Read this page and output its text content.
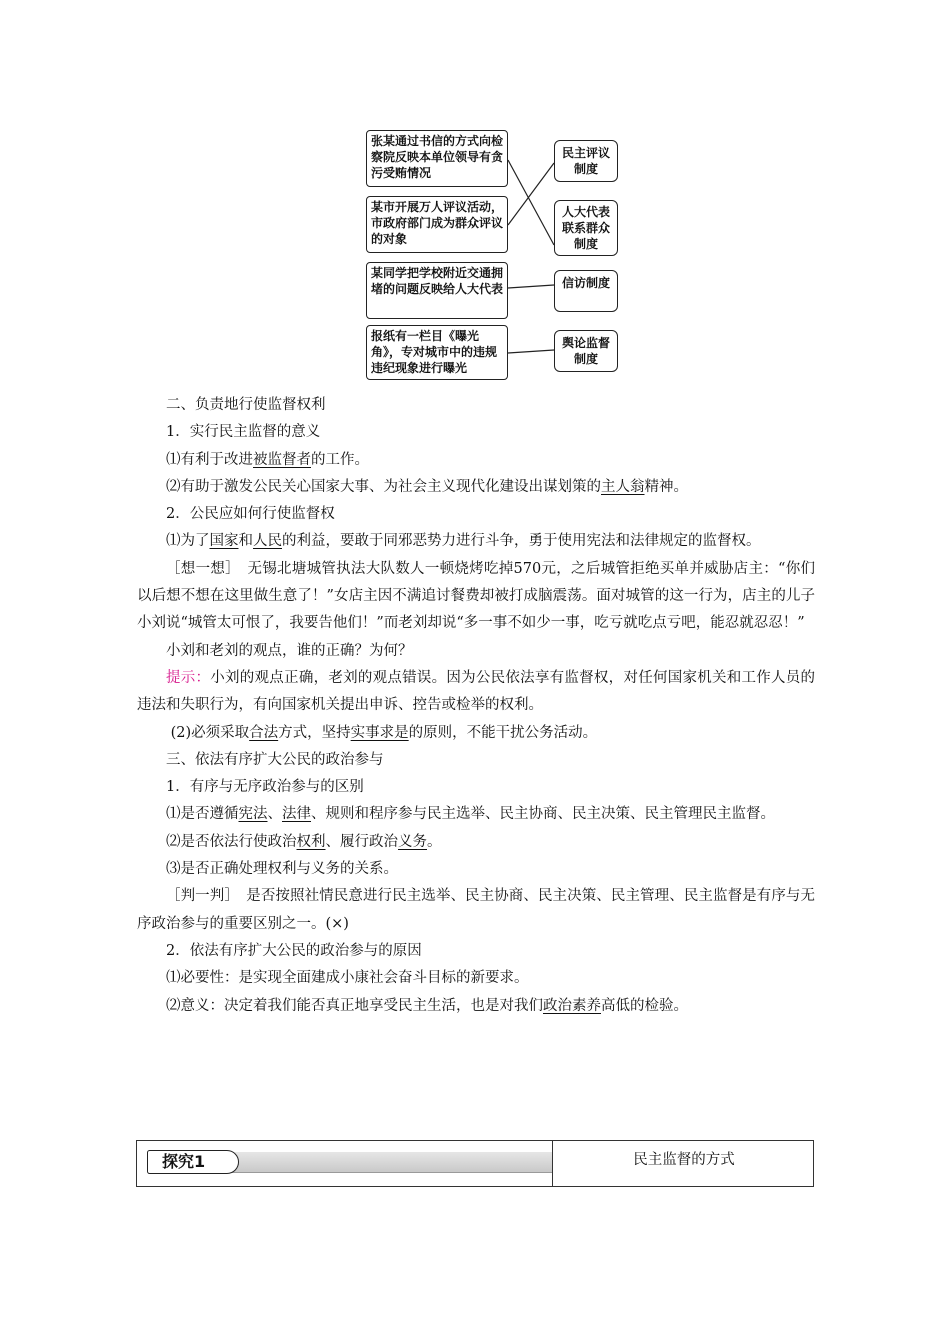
张某通过书信的方式向检察院反映本单位领导有贪污受贿情况
某市开展万人评议活动，市政府部门成为群众评议的对象
某同学把学校附近交通拥堵的问题反映给人大代表
报纸有一栏目《曝光角》，专对城市中的违规违纪现象进行曝光
民主评议制度
人大代表联系群众制度
信访制度
舆论监督制度

二、负责地行使监督权利

1．实行民主监督的意义

⑴有利于改进被监督者的工作。

⑵有助于激发公民关心国家大事、为社会主义现代化建设出谋划策的主人翁精神。

2．公民应如何行使监督权

⑴为了国家和人民的利益，要敢于同邪恶势力进行斗争，勇于使用宪法和法律规定的监督权。

［想一想］　无锡北塘城管执法大队数人一顿烧烤吃掉570元，之后城管拒绝买单并威胁店主：“你们以后想不想在这里做生意了！”女店主因不满追讨餐费却被打成脑震荡。面对城管的这一行为，店主的儿子小刘说“城管太可恨了，我要告他们！”而老刘却说“多一事不如少一事，吃亏就吃点亏吧，能忍就忍忍！”

小刘和老刘的观点，谁的正确？为何？

提示：小刘的观点正确，老刘的观点错误。因为公民依法享有监督权，对任何国家机关和工作人员的违法和失职行为，有向国家机关提出申诉、控告或检举的权利。

(2)必须采取合法方式，坚持实事求是的原则，不能干扰公务活动。

三、依法有序扩大公民的政治参与

1．有序与无序政治参与的区别

⑴是否遵循宪法、法律、规则和程序参与民主选举、民主协商、民主决策、民主管理民主监督。

⑵是否依法行使政治权利、履行政治义务。

⑶是否正确处理权利与义务的关系。

［判一判］　是否按照社情民意进行民主选举、民主协商、民主决策、民主管理、民主监督是有序与无序政治参与的重要区别之一。(×)

2．依法有序扩大公民的政治参与的原因

⑴必要性：是实现全面建成小康社会奋斗目标的新要求。

⑵意义：决定着我们能否真正地享受民主生活，也是对我们政治素养高低的检验。

探究1	民主监督的方式
